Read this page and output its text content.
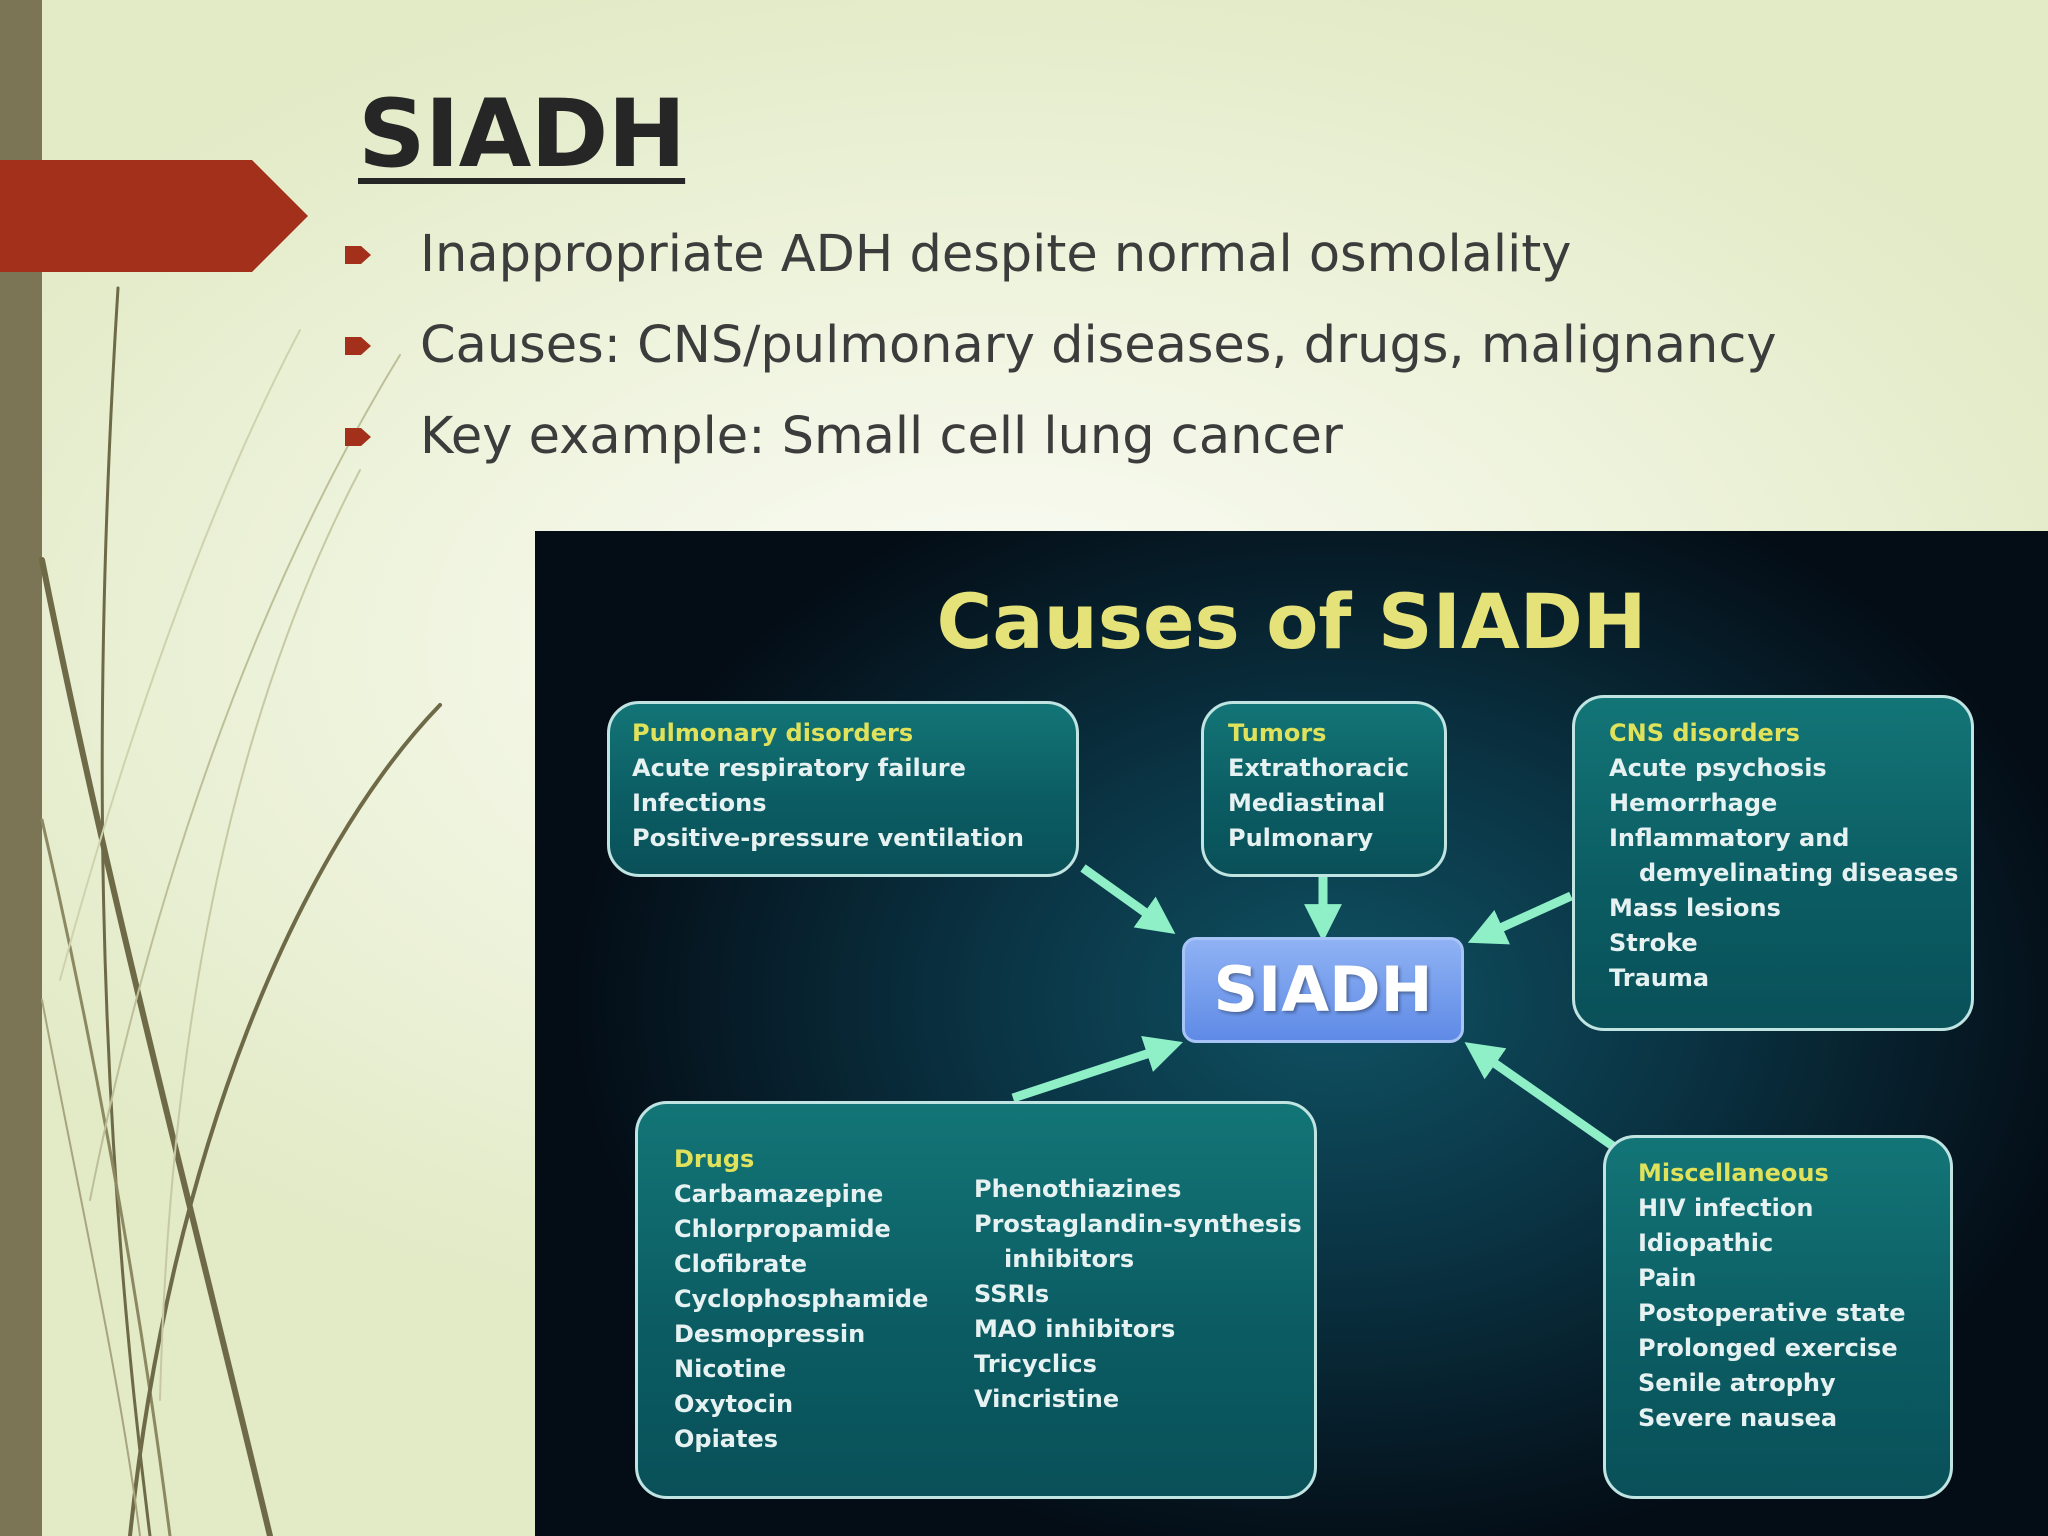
SIADH
Inappropriate ADH despite normal osmolality
Causes: CNS/pulmonary diseases, drugs, malignancy
Key example: Small cell lung cancer
Causes of SIADH
Pulmonary disorders
Acute respiratory failure
Infections
Positive-pressure ventilation
Tumors
Extrathoracic
Mediastinal
Pulmonary
CNS disorders
Acute psychosis
Hemorrhage
Inflammatory and
demyelinating diseases
Mass lesions
Stroke
Trauma
SIADH
Drugs
Carbamazepine
Chlorpropamide
Clofibrate
Cyclophosphamide
Desmopressin
Nicotine
Oxytocin
Opiates
Phenothiazines
Prostaglandin-synthesis
inhibitors
SSRIs
MAO inhibitors
Tricyclics
Vincristine
Miscellaneous
HIV infection
Idiopathic
Pain
Postoperative state
Prolonged exercise
Senile atrophy
Severe nausea
